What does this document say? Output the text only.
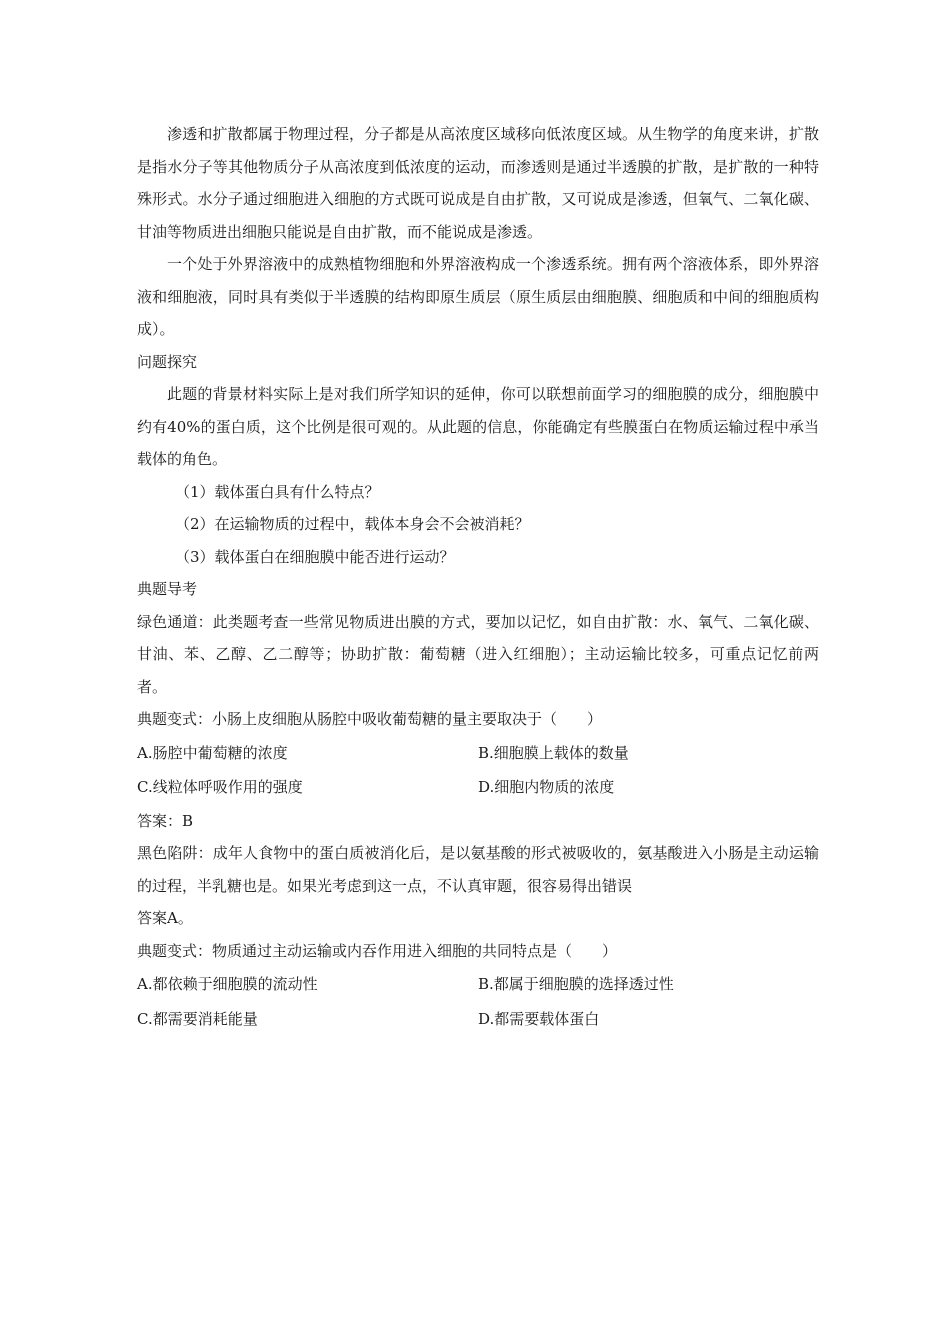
渗透和扩散都属于物理过程，分子都是从高浓度区域移向低浓度区域。从生物学的角度来讲，扩散是指水分子等其他物质分子从高浓度到低浓度的运动，而渗透则是通过半透膜的扩散，是扩散的一种特殊形式。水分子通过细胞进入细胞的方式既可说成是自由扩散，又可说成是渗透，但氧气、二氧化碳、甘油等物质进出细胞只能说是自由扩散，而不能说成是渗透。

一个处于外界溶液中的成熟植物细胞和外界溶液构成一个渗透系统。拥有两个溶液体系，即外界溶液和细胞液，同时具有类似于半透膜的结构即原生质层（原生质层由细胞膜、细胞质和中间的细胞质构成）。

问题探究

此题的背景材料实际上是对我们所学知识的延伸，你可以联想前面学习的细胞膜的成分，细胞膜中约有40%的蛋白质，这个比例是很可观的。从此题的信息，你能确定有些膜蛋白在物质运输过程中承当载体的角色。

（1）载体蛋白具有什么特点？

（2）在运输物质的过程中，载体本身会不会被消耗？

（3）载体蛋白在细胞膜中能否进行运动？

典题导考

绿色通道：此类题考查一些常见物质进出膜的方式，要加以记忆，如自由扩散：水、氧气、二氧化碳、甘油、苯、乙醇、乙二醇等；协助扩散：葡萄糖（进入红细胞）；主动运输比较多，可重点记忆前两者。

典题变式：小肠上皮细胞从肠腔中吸收葡萄糖的量主要取决于（　　）

A.肠腔中葡萄糖的浓度	B.细胞膜上载体的数量
C.线粒体呼吸作用的强度	D.细胞内物质的浓度

答案：B

黑色陷阱：成年人食物中的蛋白质被消化后，是以氨基酸的形式被吸收的，氨基酸进入小肠是主动运输的过程，半乳糖也是。如果光考虑到这一点，不认真审题，很容易得出错误

答案A。

典题变式：物质通过主动运输或内吞作用进入细胞的共同特点是（　　）

A.都依赖于细胞膜的流动性	B.都属于细胞膜的选择透过性
C.都需要消耗能量	D.都需要载体蛋白
